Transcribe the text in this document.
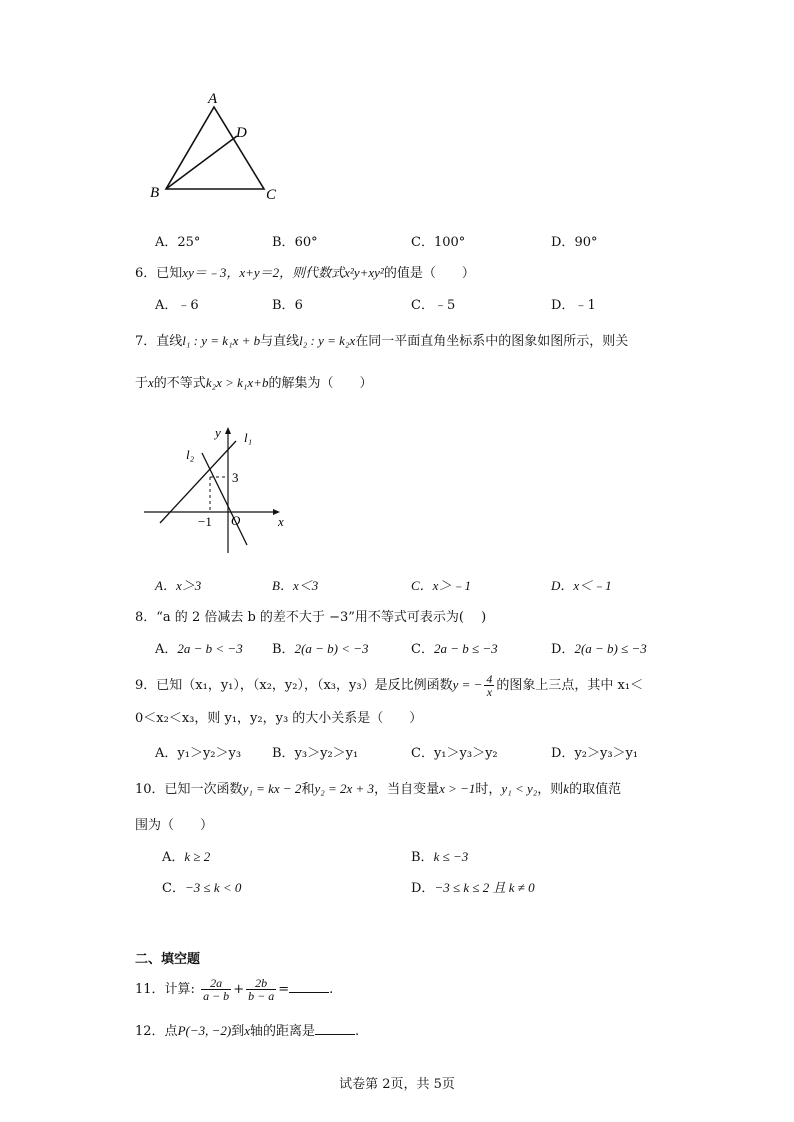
A
D
B	C
A．25°	B．60°	C．100°	D．90°
6．已知xy＝﹣3，x+y＝2，则代数式x²y+xy²的值是（　　）
A．﹣6	B．6	C．﹣5	D．﹣1
7．直线l₁ : y = k₁x + b与直线l₂ : y = k₂x在同一平面直角坐标系中的图象如图所示，则关
于x的不等式k₂x > k₁x+b的解集为（　　）
y l₁
l₂
3
−1 O	x
A．x＞3	B．x＜3	C．x＞﹣1	D．x＜﹣1
8．“a 的 2 倍减去 b 的差不大于 −3”用不等式可表示为(　 )
A．2a − b < −3 B．2(a − b) < −3	C．2a − b ≤ −3	D．2(a − b) ≤ −3
9．已知（x₁，y₁），（x₂，y₂），（x₃，y₃）是反比例函数y = − $\frac{4}{x}$ 的图象上三点，其中 x₁＜
0＜x₂＜x₃，则 y₁，y₂，y₃ 的大小关系是（　　）
A．y₁＞y₂＞y₃ B．y₃＞y₂＞y₁	C．y₁＞y₃＞y₂	D．y₂＞y₃＞y₁
10．已知一次函数y₁ = kx − 2和y₂ = 2x + 3，当自变量x > −1时，y₁ < y₂，则k的取值范
围为（　　）
A．k ≥ 2	B．k ≤ −3
C．−3 ≤ k < 0	D．−3 ≤ k ≤ 2 且 k ≠ 0
二、填空题
11．计算: $\frac{2a}{a - b} + \frac{2b}{b - a}$ =	.
12．点P(−3, −2)到x轴的距离是	.
试卷第 2页，共 5页
